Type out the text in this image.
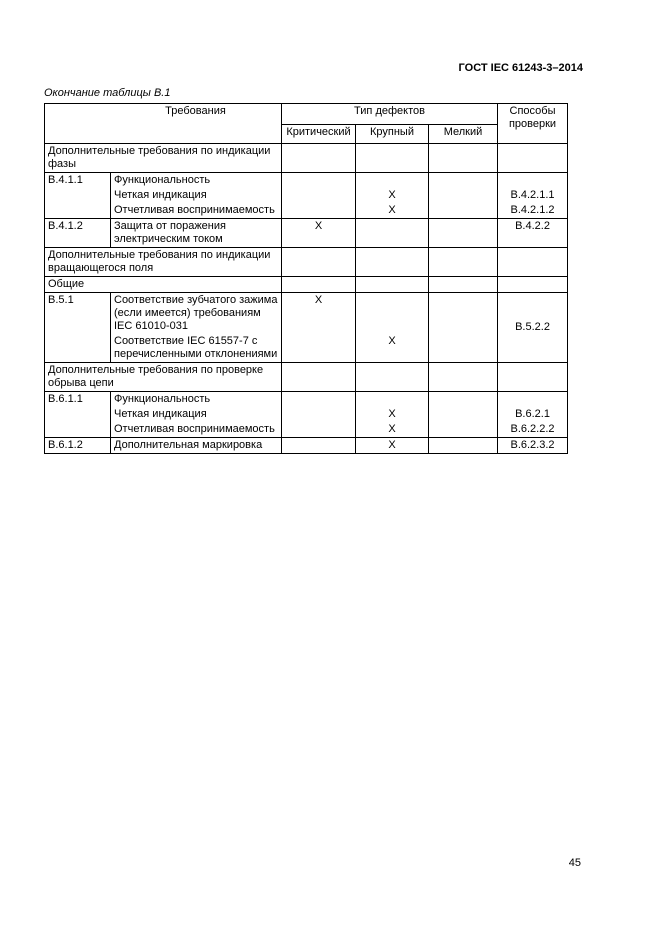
ГОСТ IEC 61243-3–2014
Окончание таблицы В.1
Требования		Тип дефектов			Способы проверки
		Критический	Крупный	Мелкий	
Дополнительные требования по индикации фазы					
В.4.1.1	Функциональность				
	Четкая индикация		X		В.4.2.1.1
	Отчетливая воспринимаемость		X		В.4.2.1.2
В.4.1.2	Защита от поражения электрическим током	X			В.4.2.2
Дополнительные требования по индикации вращающегося поля					
Общие					
В.5.1	Соответствие зубчатого зажима (если имеется) требованиям IEC 61010-031	X			В.5.2.2
	Соответствие IEC 61557-7 с перечисленными отклонениями		X		
Дополнительные требования по проверке обрыва цепи					
В.6.1.1	Функциональность				
	Четкая индикация		X		В.6.2.1
	Отчетливая воспринимаемость		X		В.6.2.2.2
В.6.1.2	Дополнительная маркировка		X		В.6.2.3.2
45
